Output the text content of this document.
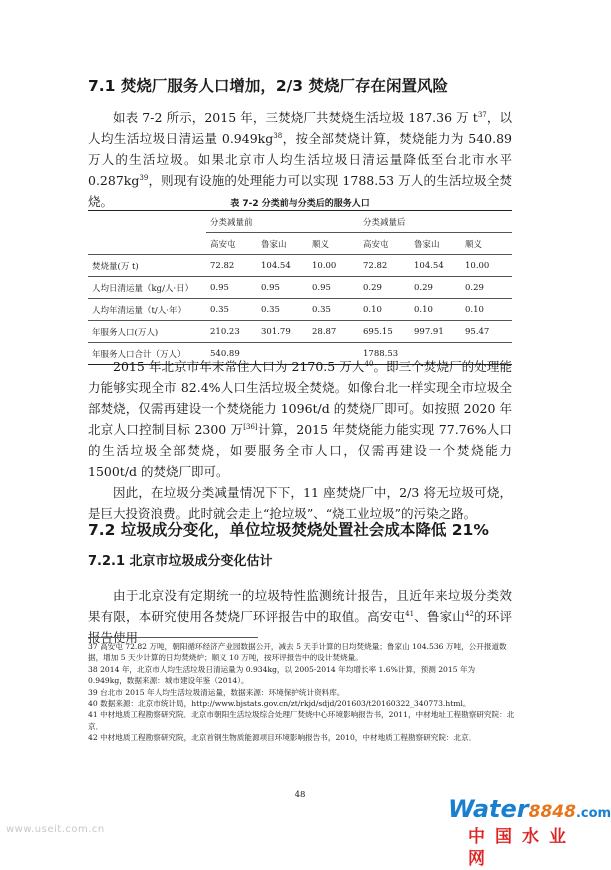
7.1 焚烧厂服务人口增加，2/3 焚烧厂存在闲置风险

如表 7-2 所示，2015 年，三焚烧厂共焚烧生活垃圾 187.36 万 $t^{37}$，以人均生活垃圾日清运量 $0.949kg^{38}$，按全部焚烧计算，焚烧能力为 540.89 万人的生活垃圾。如果北京市人均生活垃圾日清运量降低至台北市水平 $0.287kg^{39}$，则现有设施的处理能力可以实现 1788.53 万人的生活垃圾全焚烧。	表 7-2 分类前与分类后的服务人口
	分类减量前			分类减量后		
	高安屯	鲁家山	顺义	高安屯	鲁家山	顺义
焚烧量(万 t)	72.82	104.54	10.00	72.82	104.54	10.00
人均日清运量（kg/人·日）	0.95	0.95	0.95	0.29	0.29	0.29
人均年清运量（t/人·年）	0.35	0.35	0.35	0.10	0.10	0.10
年服务人口(万人)	210.23	301.79	28.87	695.15	997.91	95.47
年服务人口合计（万人）	540.89			1788.53		

2015 年北京市年末常住人口为 2170.5 万人$^{40}$。即三个焚烧厂的处理能力能够实现全市 82.4%人口生活垃圾全焚烧。如像台北一样实现全市垃圾全部焚烧，仅需再建设一个焚烧能力 1096t/d 的焚烧厂即可。如按照 2020 年北京人口控制目标 2300 万[36]计算，2015 年焚烧能力能实现 77.76%人口的生活垃圾全部焚烧，如要服务全市人口，仅需再建设一个焚烧能力 1500t/d 的焚烧厂即可。

因此，在垃圾分类减量情况下下，11 座焚烧厂中，2/3 将无垃圾可烧，是巨大投资浪费。此时就会走上“抢垃圾”、“烧工业垃圾”的污染之路。

7.2 垃圾成分变化，单位垃圾焚烧处置社会成本降低 21%
7.2.1 北京市垃圾成分变化估计

由于北京没有定期统一的垃圾特性监测统计报告，且近年来垃圾分类效果有限，本研究使用各焚烧厂环评报告中的取值。高安屯$^{41}$、鲁家山$^{42}$的环评报告使用

37 高安屯 72.82 万吨，朝阳循环经济产业园数据公开，减去 5 天手计算的日均焚烧量；鲁家山 104.536 万吨，公开报道数据，增加 5 天少计算的日均焚烧炉；顺义 10 万吨，按环评报告中的设计焚烧量。
38 2014 年，北京市人均生活垃圾日清运量为 0.934kg，以 2005-2014 年均增长率 1.6%计算，预测 2015 年为 0.949kg，数据来源：城市建设年鉴（2014）。
39 台北市 2015 年人均生活垃圾清运量，数据来源：环境保护统计资料库。
40 数据来源：北京市统计局，http://www.bjstats.gov.cn/zt/rkjd/sdjd/201603/t20160322_340773.html。
41 中材地质工程勘察研究院．北京市朝阳生活垃圾综合处理厂焚烧中心环境影响报告书，2011，中材地址工程勘察研究院：北京．
42 中材地质工程勘察研究院，北京首钢生物质能源项目环境影响报告书，2010，中材地质工程勘察研究院：北京．
48
www.useit.com.cn
Water8848.com
中国水业网
